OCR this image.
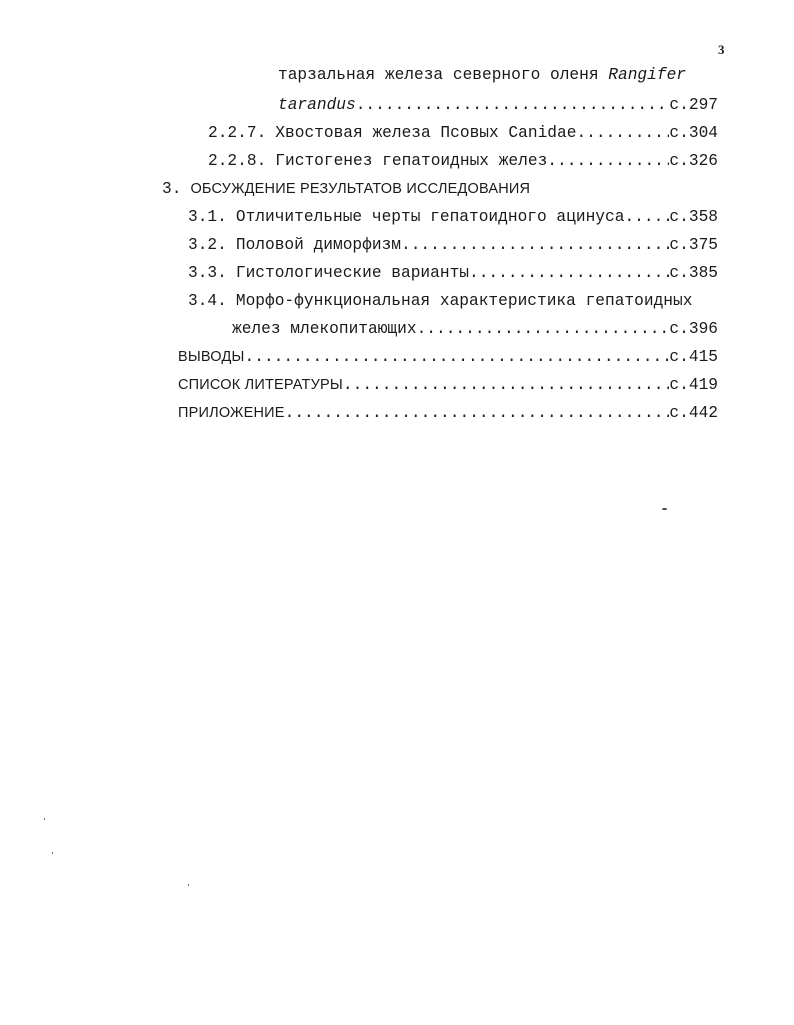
3
тарзальная железа северного оленя Rangifer
tarandus .....	с.297
2.2.7. Хвостовая железа Псовых Canidae .....	с.304
2.2.8. Гистогенез гепатоидных желез .....	с.326
3. ОБСУЖДЕНИЕ РЕЗУЛЬТАТОВ ИССЛЕДОВАНИЯ
3.1. Отличительные черты гепатоидного ацинуса .....	с.358
3.2. Половой диморфизм .....	с.375
3.3. Гистологические варианты .....	с.385
3.4. Морфо-функциональная характеристика гепатоидных
желез млекопитающих .....	с.396
ВЫВОДЫ .....	с.415
СПИСОК ЛИТЕРАТУРЫ .....	с.419
ПРИЛОЖЕНИЕ .....	с.442
